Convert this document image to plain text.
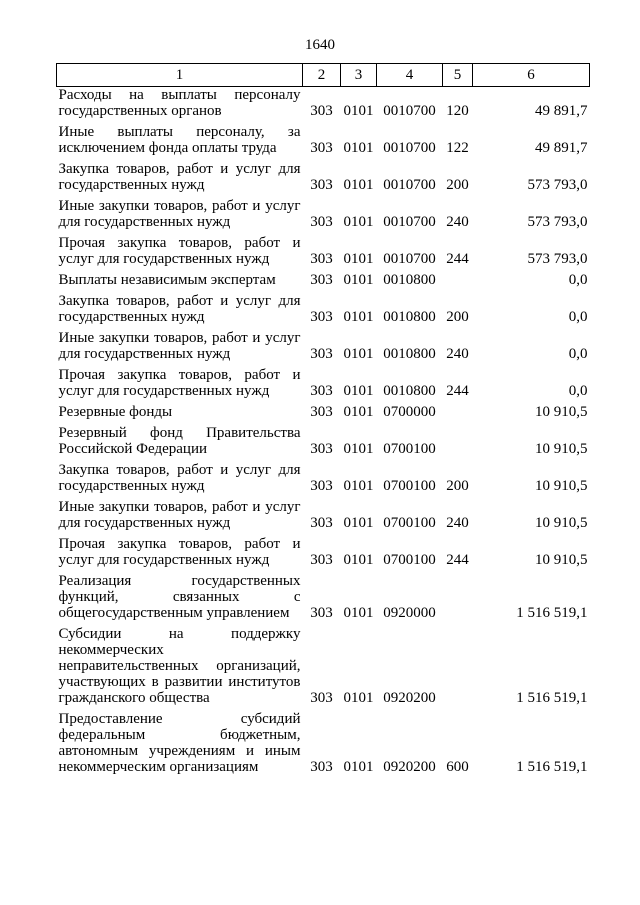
1640
1	2	3	4	5	6
Расходы на выплаты персоналу государственных органов	303	0101	0010700	120	49 891,7
Иные выплаты персоналу, за исключением фонда оплаты труда	303	0101	0010700	122	49 891,7
Закупка товаров, работ и услуг для государственных нужд	303	0101	0010700	200	573 793,0
Иные закупки товаров, работ и услуг для государственных нужд	303	0101	0010700	240	573 793,0
Прочая закупка товаров, работ и услуг для государственных нужд	303	0101	0010700	244	573 793,0
Выплаты независимым экспертам	303	0101	0010800		0,0
Закупка товаров, работ и услуг для государственных нужд	303	0101	0010800	200	0,0
Иные закупки товаров, работ и услуг для государственных нужд	303	0101	0010800	240	0,0
Прочая закупка товаров, работ и услуг для государственных нужд	303	0101	0010800	244	0,0
Резервные фонды	303	0101	0700000		10 910,5
Резервный фонд Правительства Российской Федерации	303	0101	0700100		10 910,5
Закупка товаров, работ и услуг для государственных нужд	303	0101	0700100	200	10 910,5
Иные закупки товаров, работ и услуг для государственных нужд	303	0101	0700100	240	10 910,5
Прочая закупка товаров, работ и услуг для государственных нужд	303	0101	0700100	244	10 910,5
Реализация государственных функций, связанных с общегосударственным управлением	303	0101	0920000		1 516 519,1
Субсидии на поддержку некоммерческих неправительственных организаций, участвующих в развитии институтов гражданского общества	303	0101	0920200		1 516 519,1
Предоставление субсидий федеральным бюджетным, автономным учреждениям и иным некоммерческим организациям	303	0101	0920200	600	1 516 519,1
